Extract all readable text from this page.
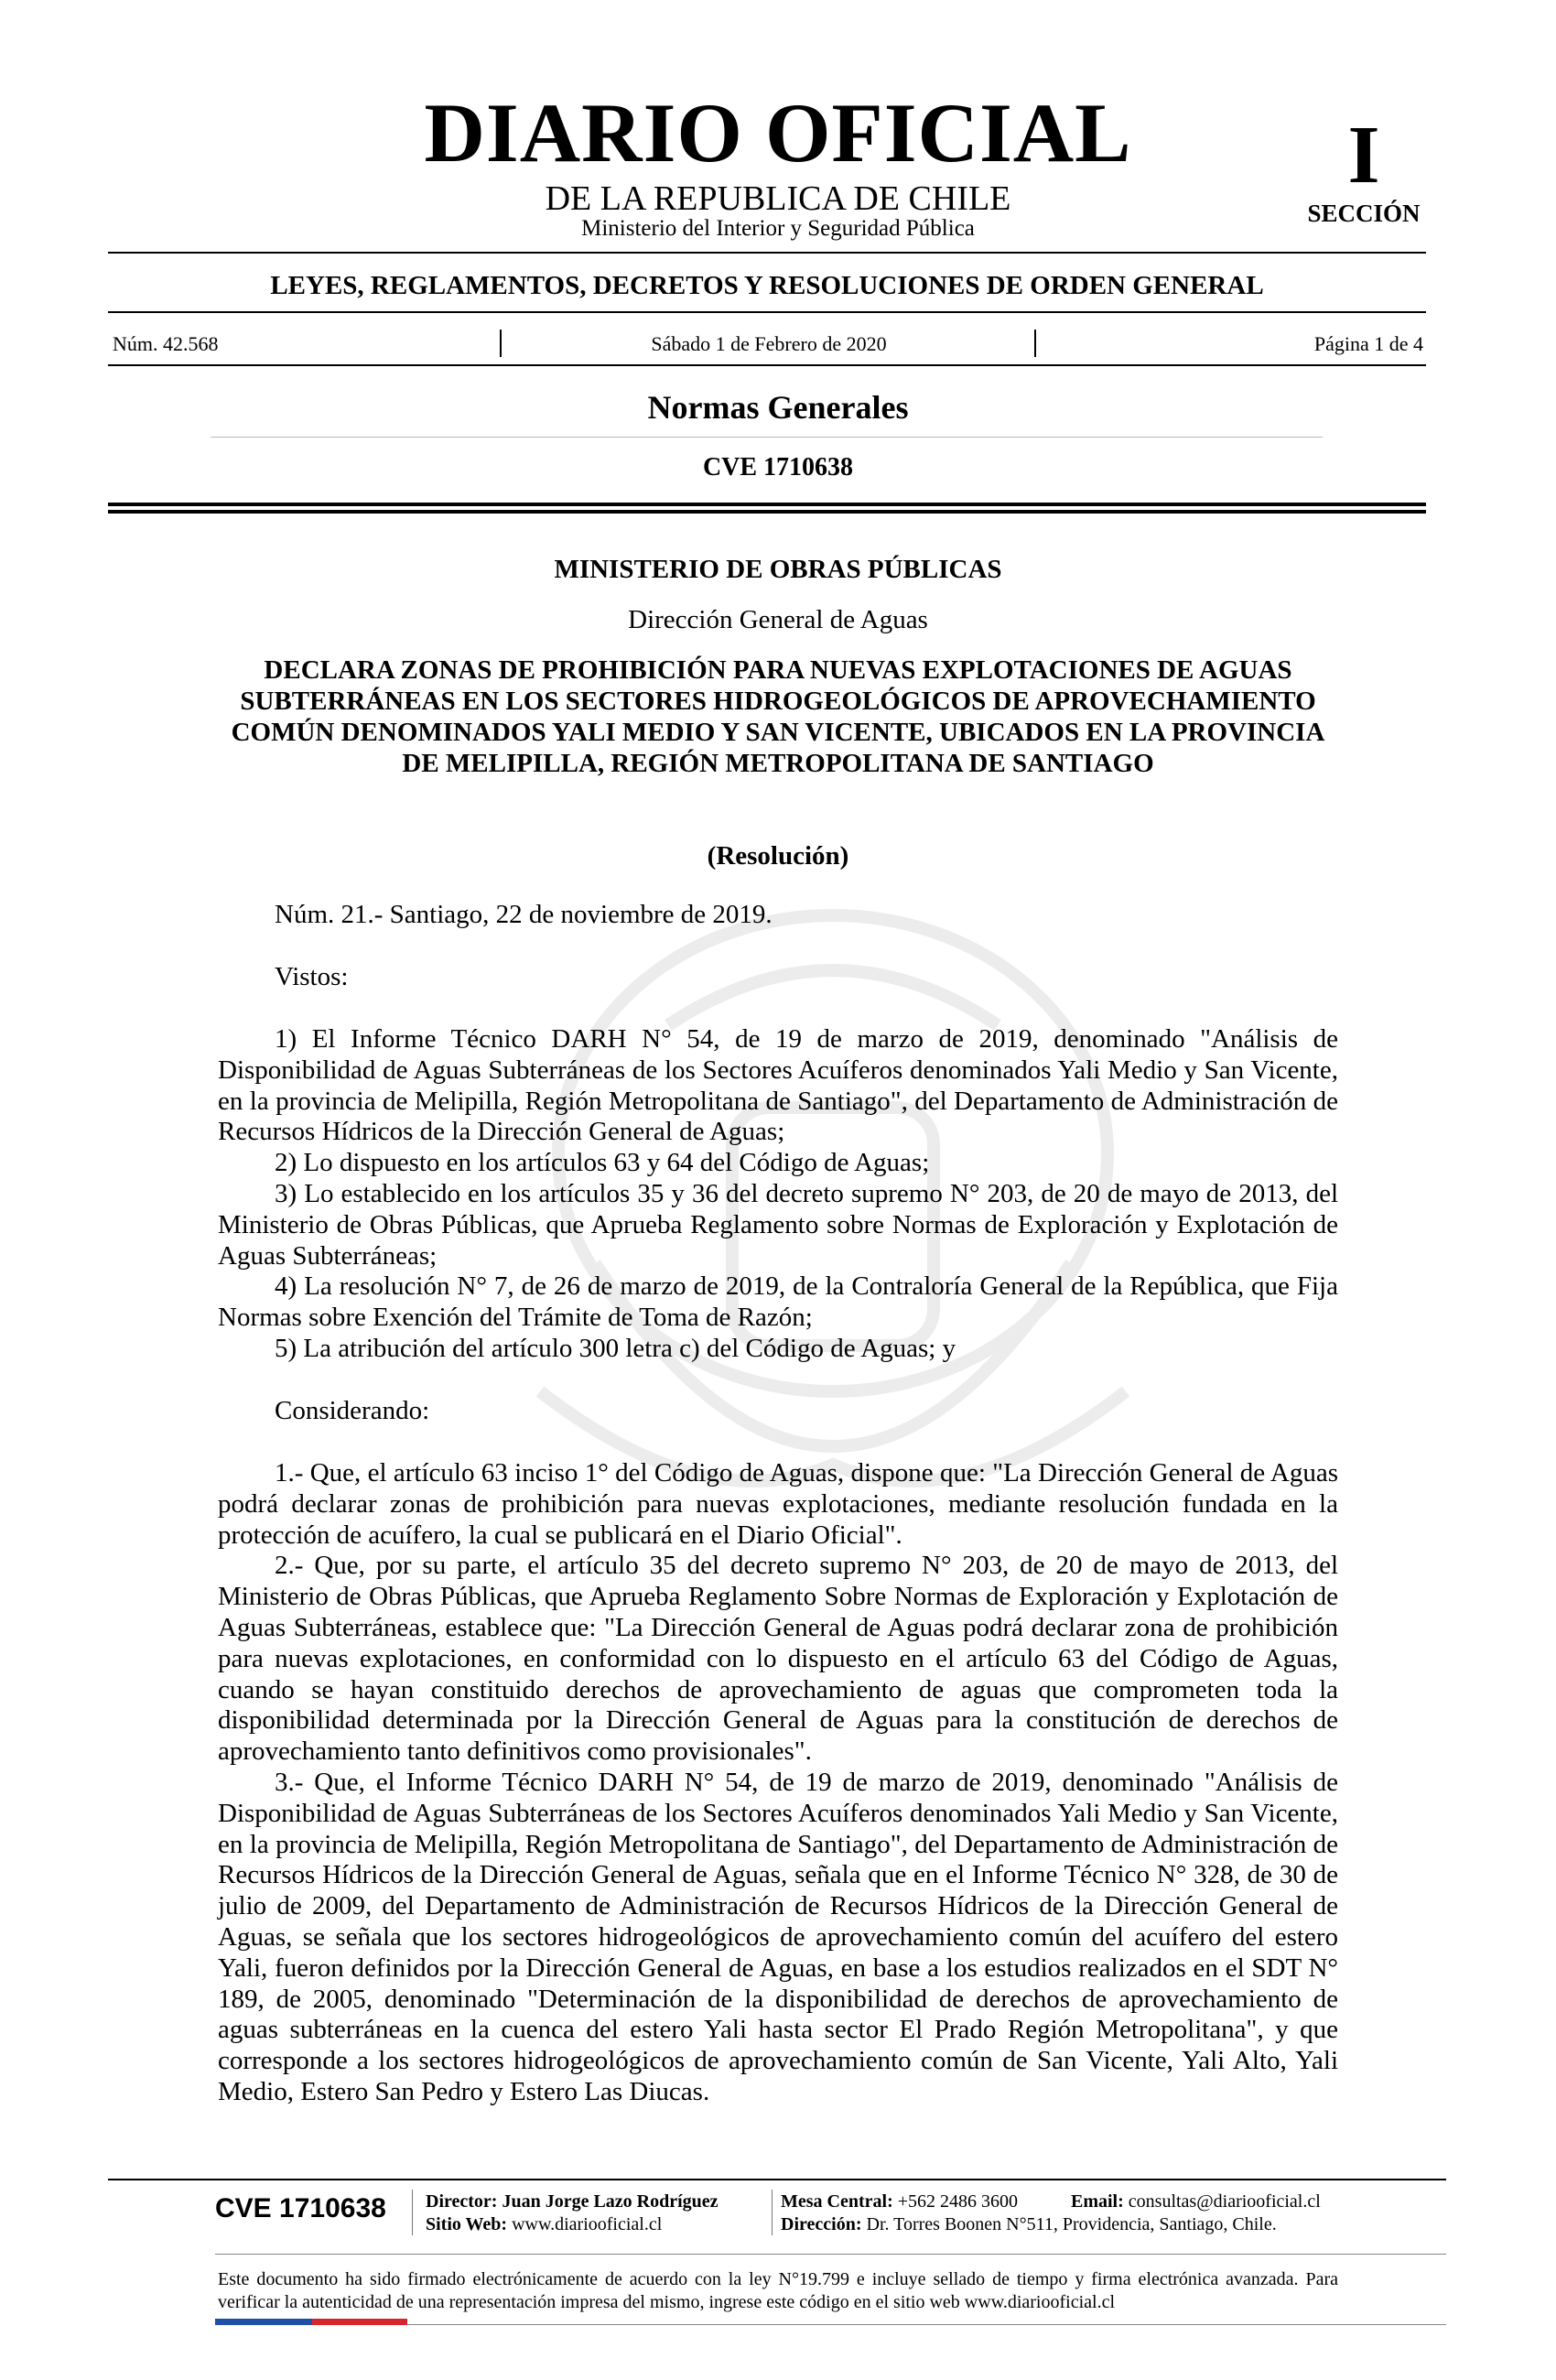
DIARIO OFICIAL
DE LA REPUBLICA DE CHILE
Ministerio del Interior y Seguridad Pública
I
SECCIÓN
LEYES, REGLAMENTOS, DECRETOS Y RESOLUCIONES DE ORDEN GENERAL
Núm. 42.568	Sábado 1 de Febrero de 2020	Página 1 de 4
Normas Generales
CVE 1710638
MINISTERIO DE OBRAS PÚBLICAS
Dirección General de Aguas
DECLARA ZONAS DE PROHIBICIÓN PARA NUEVAS EXPLOTACIONES DE AGUAS SUBTERRÁNEAS EN LOS SECTORES HIDROGEOLÓGICOS DE APROVECHAMIENTO COMÚN DENOMINADOS YALI MEDIO Y SAN VICENTE, UBICADOS EN LA PROVINCIA DE MELIPILLA, REGIÓN METROPOLITANA DE SANTIAGO
(Resolución)
Núm. 21.- Santiago, 22 de noviembre de 2019.
Vistos:

1) El Informe Técnico DARH N° 54, de 19 de marzo de 2019, denominado "Análisis de Disponibilidad de Aguas Subterráneas de los Sectores Acuíferos denominados Yali Medio y San Vicente, en la provincia de Melipilla, Región Metropolitana de Santiago", del Departamento de Administración de Recursos Hídricos de la Dirección General de Aguas;

2) Lo dispuesto en los artículos 63 y 64 del Código de Aguas;

3) Lo establecido en los artículos 35 y 36 del decreto supremo N° 203, de 20 de mayo de 2013, del Ministerio de Obras Públicas, que Aprueba Reglamento sobre Normas de Exploración y Explotación de Aguas Subterráneas;

4) La resolución N° 7, de 26 de marzo de 2019, de la Contraloría General de la República, que Fija Normas sobre Exención del Trámite de Toma de Razón;

5) La atribución del artículo 300 letra c) del Código de Aguas; y

Considerando:

1.- Que, el artículo 63 inciso 1° del Código de Aguas, dispone que: "La Dirección General de Aguas podrá declarar zonas de prohibición para nuevas explotaciones, mediante resolución fundada en la protección de acuífero, la cual se publicará en el Diario Oficial".

2.- Que, por su parte, el artículo 35 del decreto supremo N° 203, de 20 de mayo de 2013, del Ministerio de Obras Públicas, que Aprueba Reglamento Sobre Normas de Exploración y Explotación de Aguas Subterráneas, establece que: "La Dirección General de Aguas podrá declarar zona de prohibición para nuevas explotaciones, en conformidad con lo dispuesto en el artículo 63 del Código de Aguas, cuando se hayan constituido derechos de aprovechamiento de aguas que comprometen toda la disponibilidad determinada por la Dirección General de Aguas para la constitución de derechos de aprovechamiento tanto definitivos como provisionales".

3.- Que, el Informe Técnico DARH N° 54, de 19 de marzo de 2019, denominado "Análisis de Disponibilidad de Aguas Subterráneas de los Sectores Acuíferos denominados Yali Medio y San Vicente, en la provincia de Melipilla, Región Metropolitana de Santiago", del Departamento de Administración de Recursos Hídricos de la Dirección General de Aguas, señala que en el Informe Técnico N° 328, de 30 de julio de 2009, del Departamento de Administración de Recursos Hídricos de la Dirección General de Aguas, se señala que los sectores hidrogeológicos de aprovechamiento común del acuífero del estero Yali, fueron definidos por la Dirección General de Aguas, en base a los estudios realizados en el SDT N° 189, de 2005, denominado "Determinación de la disponibilidad de derechos de aprovechamiento de aguas subterráneas en la cuenca del estero Yali hasta sector El Prado Región Metropolitana", y que corresponde a los sectores hidrogeológicos de aprovechamiento común de San Vicente, Yali Alto, Yali Medio, Estero San Pedro y Estero Las Diucas.

CVE 1710638	Director: Juan Jorge Lazo Rodríguez
Sitio Web: www.diariooficial.cl
Mesa Central: +562 2486 3600	Email: consultas@diariooficial.cl
Dirección: Dr. Torres Boonen N°511, Providencia, Santiago, Chile.
Este documento ha sido firmado electrónicamente de acuerdo con la ley N°19.799 e incluye sellado de tiempo y firma electrónica avanzada. Para verificar la autenticidad de una representación impresa del mismo, ingrese este código en el sitio web www.diariooficial.cl
